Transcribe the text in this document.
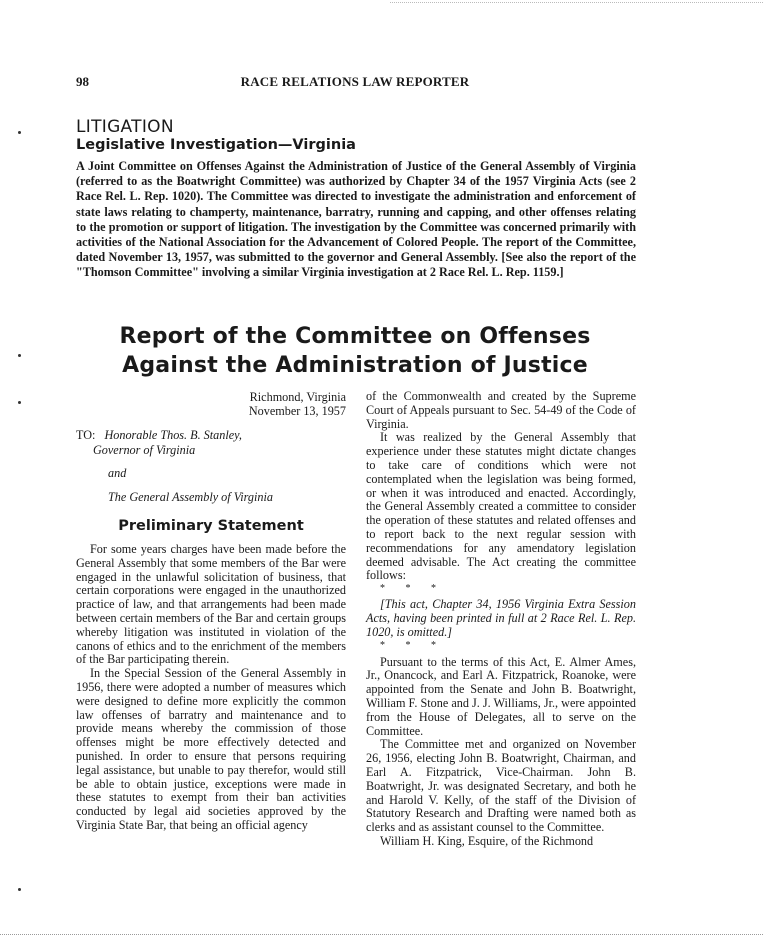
98	RACE RELATIONS LAW REPORTER
LITIGATION
Legislative Investigation—Virginia
A Joint Committee on Offenses Against the Administration of Justice of the General Assembly of Virginia (referred to as the Boatwright Committee) was authorized by Chapter 34 of the 1957 Virginia Acts (see 2 Race Rel. L. Rep. 1020). The Committee was directed to investigate the administration and enforcement of state laws relating to champerty, maintenance, barratry, running and capping, and other offenses relating to the promotion or support of litigation. The investigation by the Committee was concerned primarily with activities of the National Association for the Advancement of Colored People. The report of the Committee, dated November 13, 1957, was submitted to the governor and General Assembly. [See also the report of the "Thomson Committee" involving a similar Virginia investigation at 2 Race Rel. L. Rep. 1159.]
Report of the Committee on Offenses
Against the Administration of Justice
Richmond, Virginia
November 13, 1957
TO: Honorable Thos. B. Stanley,
Governor of Virginia
and
The General Assembly of Virginia
Preliminary Statement

For some years charges have been made before the General Assembly that some members of the Bar were engaged in the unlawful solicitation of business, that certain corporations were engaged in the unauthorized practice of law, and that arrangements had been made between certain members of the Bar and certain groups whereby litigation was instituted in violation of the canons of ethics and to the enrichment of the members of the Bar participating therein.

In the Special Session of the General Assembly in 1956, there were adopted a number of measures which were designed to define more explicitly the common law offenses of barratry and maintenance and to provide means whereby the commission of those offenses might be more effectively detected and punished. In order to ensure that persons requiring legal assistance, but unable to pay therefor, would still be able to obtain justice, exceptions were made in these statutes to exempt from their ban activities conducted by legal aid societies approved by the Virginia State Bar, that being an official agency

of the Commonwealth and created by the Supreme Court of Appeals pursuant to Sec. 54-49 of the Code of Virginia.

It was realized by the General Assembly that experience under these statutes might dictate changes to take care of conditions which were not contemplated when the legislation was being formed, or when it was introduced and enacted. Accordingly, the General Assembly created a committee to consider the operation of these statutes and related offenses and to report back to the next regular session with recommendations for any amendatory legislation deemed advisable. The Act creating the committee follows:

* * *

[This act, Chapter 34, 1956 Virginia Extra Session Acts, having been printed in full at 2 Race Rel. L. Rep. 1020, is omitted.]

* * *

Pursuant to the terms of this Act, E. Almer Ames, Jr., Onancock, and Earl A. Fitzpatrick, Roanoke, were appointed from the Senate and John B. Boatwright, William F. Stone and J. J. Williams, Jr., were appointed from the House of Delegates, all to serve on the Committee.

The Committee met and organized on November 26, 1956, electing John B. Boatwright, Chairman, and Earl A. Fitzpatrick, Vice-Chairman. John B. Boatwright, Jr. was designated Secretary, and both he and Harold V. Kelly, of the staff of the Division of Statutory Research and Drafting were named both as clerks and as assistant counsel to the Committee.

William H. King, Esquire, of the Richmond
